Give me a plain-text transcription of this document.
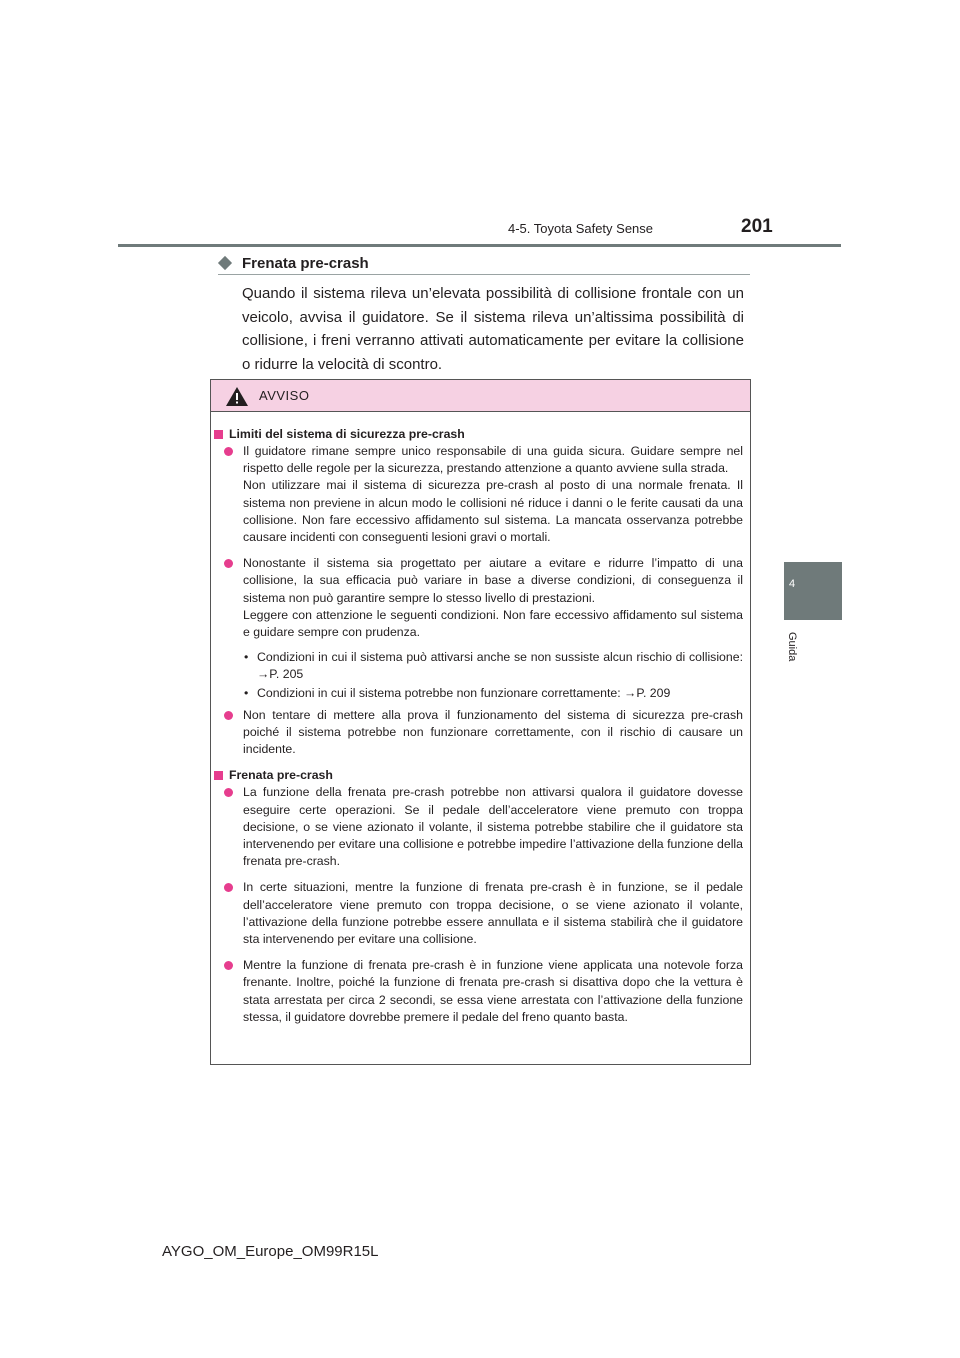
4-5. Toyota Safety Sense	201
4
Guida
Frenata pre-crash
Quando il sistema rileva un’elevata possibilità di collisione frontale con un veicolo, avvisa il guidatore. Se il sistema rileva un’altissima possibilità di collisione, i freni verranno attivati automaticamente per evitare la collisione o ridurre la velocità di scontro.
AVVISO
Limiti del sistema di sicurezza pre-crash
Il guidatore rimane sempre unico responsabile di una guida sicura. Guidare sempre nel rispetto delle regole per la sicurezza, prestando attenzione a quanto avviene sulla strada.
Non utilizzare mai il sistema di sicurezza pre-crash al posto di una normale frenata. Il sistema non previene in alcun modo le collisioni né riduce i danni o le ferite causati da una collisione. Non fare eccessivo affidamento sul sistema. La mancata osservanza potrebbe causare incidenti con conseguenti lesioni gravi o mortali.
Nonostante il sistema sia progettato per aiutare a evitare e ridurre l’impatto di una collisione, la sua efficacia può variare in base a diverse condizioni, di conseguenza il sistema non può garantire sempre lo stesso livello di prestazioni.
Leggere con attenzione le seguenti condizioni. Non fare eccessivo affidamento sul sistema e guidare sempre con prudenza.
• Condizioni in cui il sistema può attivarsi anche se non sussiste alcun rischio di collisione: →P. 205
• Condizioni in cui il sistema potrebbe non funzionare correttamente: →P. 209
Non tentare di mettere alla prova il funzionamento del sistema di sicurezza pre-crash poiché il sistema potrebbe non funzionare correttamente, con il rischio di causare un incidente.
Frenata pre-crash
La funzione della frenata pre-crash potrebbe non attivarsi qualora il guidatore dovesse eseguire certe operazioni. Se il pedale dell’acceleratore viene premuto con troppa decisione, o se viene azionato il volante, il sistema potrebbe stabilire che il guidatore sta intervenendo per evitare una collisione e potrebbe impedire l’attivazione della funzione della frenata pre-crash.
In certe situazioni, mentre la funzione di frenata pre-crash è in funzione, se il pedale dell’acceleratore viene premuto con troppa decisione, o se viene azionato il volante, l’attivazione della funzione potrebbe essere annullata e il sistema stabilirà che il guidatore sta intervenendo per evitare una collisione.
Mentre la funzione di frenata pre-crash è in funzione viene applicata una notevole forza frenante. Inoltre, poiché la funzione di frenata pre-crash si disattiva dopo che la vettura è stata arrestata per circa 2 secondi, se essa viene arrestata con l’attivazione della funzione stessa, il guidatore dovrebbe premere il pedale del freno quanto basta.
AYGO_OM_Europe_OM99R15L
